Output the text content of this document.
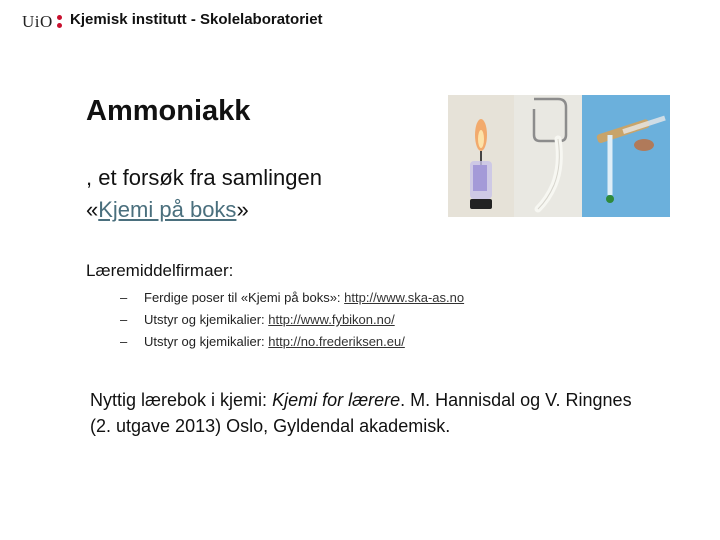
UiO Kjemisk institutt - Skolelaboratoriet
Ammoniakk
, et forsøk fra samlingen
«Kjemi på boks»
Læremiddelfirmaer:
– Ferdige poser til «Kjemi på boks»: http://www.ska-as.no
– Utstyr og kjemikalier: http://www.fybikon.no/
– Utstyr og kjemikalier: http://no.frederiksen.eu/
Nyttig lærebok i kjemi: Kjemi for lærere. M. Hannisdal og V. Ringnes (2. utgave 2013) Oslo, Gyldendal akademisk.
